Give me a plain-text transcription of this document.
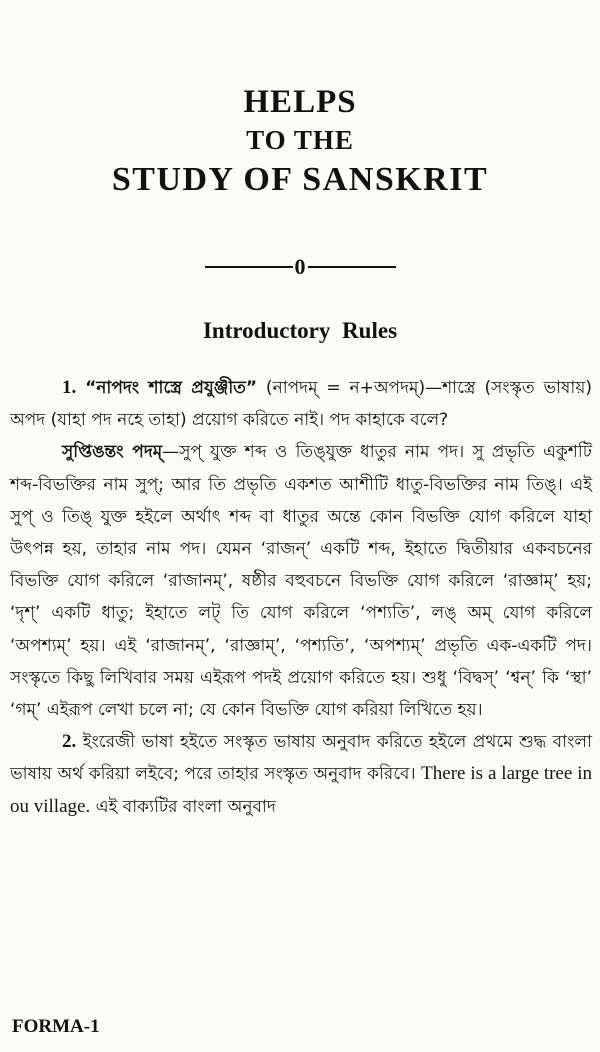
HELPS
TO THE
STUDY OF SANSKRIT
0
Introductory Rules

1. “নাপদং শাস্ত্রে প্রযুঞ্জীত” (নাপদম্ = ন+অপদম্)—শাস্ত্রে (সংস্কৃত ভাষায়) অপদ (যাহা পদ নহে তাহা) প্রয়োগ করিতে নাই। পদ কাহাকে বলে?

সুপ্তিঙন্তং পদম্—সুপ্ যুক্ত শব্দ ও তিঙ্‌যুক্ত ধাতুর নাম পদ। সু প্রভৃতি একুশটি শব্দ-বিভক্তির নাম সুপ্; আর তি প্রভৃতি একশত আশীটি ধাতু-বিভক্তির নাম তিঙ্। এই সুপ্ ও তিঙ্ যুক্ত হইলে অর্থাৎ শব্দ বা ধাতুর অন্তে কোন বিভক্তি যোগ করিলে যাহা উৎপন্ন হয়, তাহার নাম পদ। যেমন ‘রাজন্’ একটি শব্দ, ইহাতে দ্বিতীয়ার একবচনের বিভক্তি যোগ করিলে ‘রাজানম্’, ষষ্ঠীর বহুবচনে বিভক্তি যোগ করিলে ‘রাজ্ঞাম্’ হয়; ‘দৃশ্’ একটি ধাতু; ইহাতে লট্ তি যোগ করিলে ‘পশ্যতি’, লঙ্ অম্ যোগ করিলে ‘অপশ্যম্’ হয়। এই ‘রাজানম্’, ‘রাজ্ঞাম্’, ‘পশ্যতি’, ‘অপশ্যম্’ প্রভৃতি এক-একটি পদ। সংস্কৃতে কিছু লিখিবার সময় এইরূপ পদই প্রয়োগ করিতে হয়। শুধু ‘বিদ্বস্’ ‘শ্বন্’ কি ‘স্থা’ ‘গম্’ এইরূপ লেখা চলে না; যে কোন বিভক্তি যোগ করিয়া লিখিতে হয়।

2. ইংরেজী ভাষা হইতে সংস্কৃত ভাষায় অনুবাদ করিতে হইলে প্রথমে শুদ্ধ বাংলা ভাষায় অর্থ করিয়া লইবে; পরে তাহার সংস্কৃত অনুবাদ করিবে। There is a large tree in ou village. এই বাক্যটির বাংলা অনুবাদ

FORMA-1
